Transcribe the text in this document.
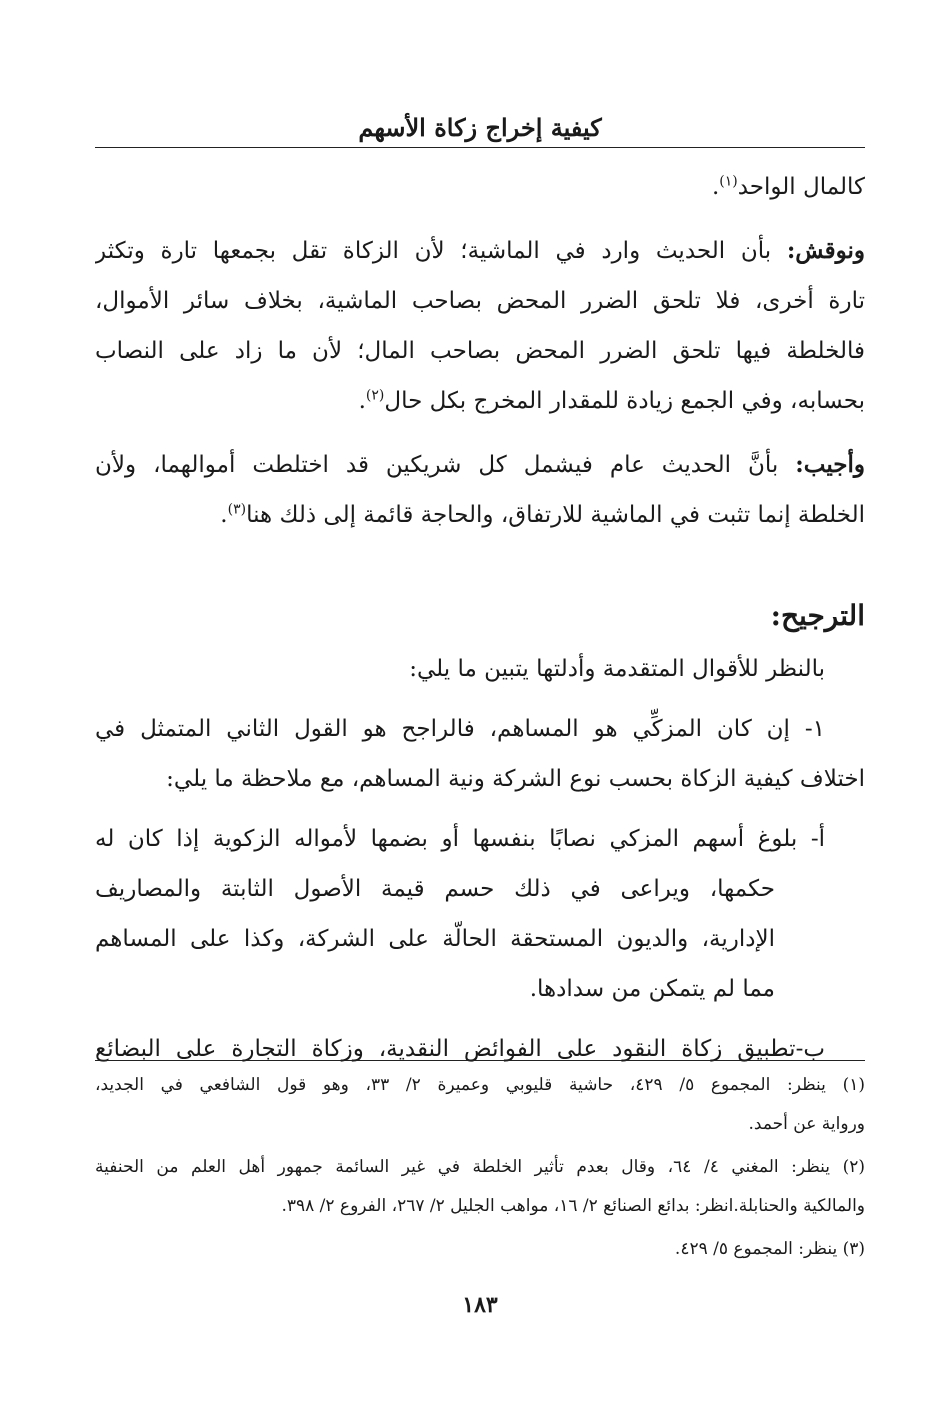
كيفية إخراج زكاة الأسهم
كالمال الواحد$^{(١)}$.
ونوقش: بأن الحديث وارد في الماشية؛ لأن الزكاة تقل بجمعها تارة وتكثر
تارة أخرى، فلا تلحق الضرر المحض بصاحب الماشية، بخلاف سائر الأموال،
فالخلطة فيها تلحق الضرر المحض بصاحب المال؛ لأن ما زاد على النصاب
بحسابه، وفي الجمع زيادة للمقدار المخرج بكل حال$^{(٢)}$.
وأجيب: بأنَّ الحديث عام فيشمل كل شريكين قد اختلطت أموالهما، ولأن
الخلطة إنما تثبت في الماشية للارتفاق، والحاجة قائمة إلى ذلك هنا$^{(٣)}$.
الترجيح:
بالنظر للأقوال المتقدمة وأدلتها يتبين ما يلي:
١- إن كان المزكِّي هو المساهم، فالراجح هو القول الثاني المتمثل في
اختلاف كيفية الزكاة بحسب نوع الشركة ونية المساهم، مع ملاحظة ما يلي:
أ- بلوغ أسهم المزكي نصابًا بنفسها أو بضمها لأمواله الزكوية إذا كان له
حكمها، ويراعى في ذلك حسم قيمة الأصول الثابتة والمصاريف
الإدارية، والديون المستحقة الحالّة على الشركة، وكذا على المساهم
مما لم يتمكن من سدادها.
ب-تطبيق زكاة النقود على الفوائض النقدية، وزكاة التجارة على البضائع
(١) ينظر: المجموع ٥/ ٤٢٩، حاشية قليوبي وعميرة ٢/ ٣٣، وهو قول الشافعي في الجديد،
ورواية عن أحمد.
(٢) ينظر: المغني ٤/ ٦٤، وقال بعدم تأثير الخلطة في غير السائمة جمهور أهل العلم من الحنفية
والمالكية والحنابلة.انظر: بدائع الصنائع ٢/ ١٦، مواهب الجليل ٢/ ٢٦٧، الفروع ٢/ ٣٩٨.
(٣) ينظر: المجموع ٥/ ٤٢٩.
١٨٣
